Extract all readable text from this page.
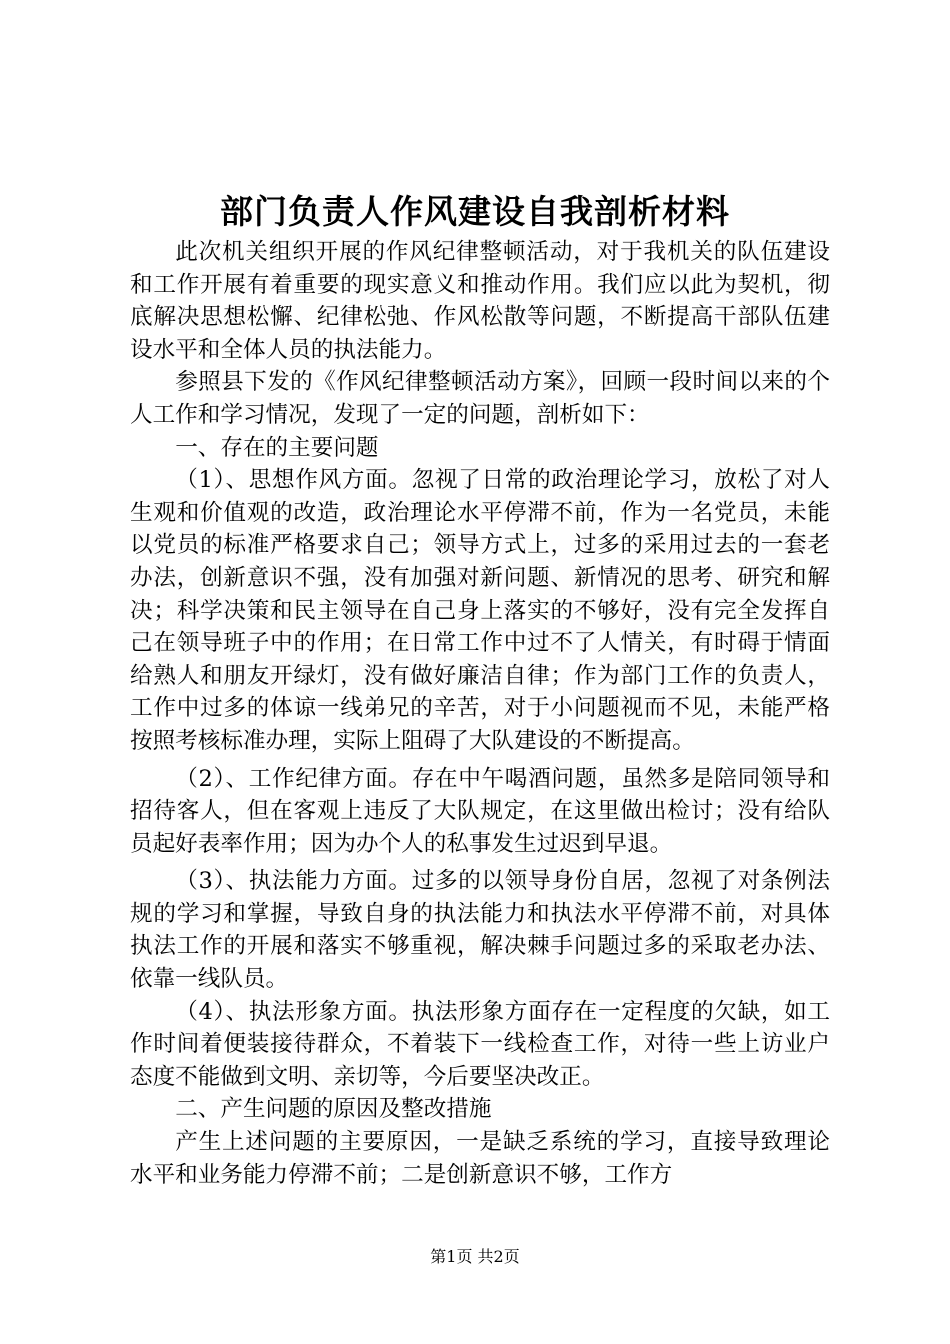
部门负责人作风建设自我剖析材料

此次机关组织开展的作风纪律整顿活动，对于我机关的队伍建设和工作开展有着重要的现实意义和推动作用。我们应以此为契机，彻底解决思想松懈、纪律松弛、作风松散等问题，不断提高干部队伍建设水平和全体人员的执法能力。

参照县下发的《作风纪律整顿活动方案》，回顾一段时间以来的个人工作和学习情况，发现了一定的问题，剖析如下：

一、存在的主要问题

（1）、思想作风方面。忽视了日常的政治理论学习，放松了对人生观和价值观的改造，政治理论水平停滞不前，作为一名党员，未能以党员的标准严格要求自己；领导方式上，过多的采用过去的一套老办法，创新意识不强，没有加强对新问题、新情况的思考、研究和解决；科学决策和民主领导在自己身上落实的不够好，没有完全发挥自己在领导班子中的作用；在日常工作中过不了人情关，有时碍于情面给熟人和朋友开绿灯，没有做好廉洁自律；作为部门工作的负责人，工作中过多的体谅一线弟兄的辛苦，对于小问题视而不见，未能严格按照考核标准办理，实际上阻碍了大队建设的不断提高。

（2）、工作纪律方面。存在中午喝酒问题，虽然多是陪同领导和招待客人，但在客观上违反了大队规定，在这里做出检讨；没有给队员起好表率作用；因为办个人的私事发生过迟到早退。

（3）、执法能力方面。过多的以领导身份自居，忽视了对条例法规的学习和掌握，导致自身的执法能力和执法水平停滞不前，对具体执法工作的开展和落实不够重视，解决棘手问题过多的采取老办法、依靠一线队员。

（4）、执法形象方面。执法形象方面存在一定程度的欠缺，如工作时间着便装接待群众，不着装下一线检查工作，对待一些上访业户态度不能做到文明、亲切等，今后要坚决改正。

二、产生问题的原因及整改措施

产生上述问题的主要原因，一是缺乏系统的学习，直接导致理论水平和业务能力停滞不前；二是创新意识不够，工作方

第1页 共2页
